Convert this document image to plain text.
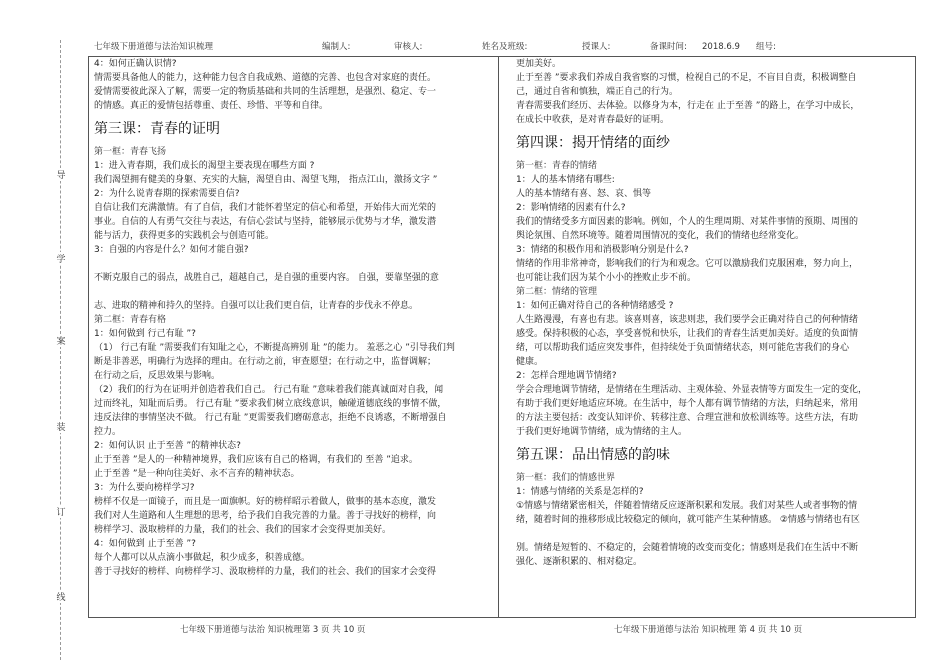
七年级下册道德与法治知识梳理	编制人:	审核人:	姓名及班级:	授课人:	备课时间: 2018.6.9 组号:
导
学
案
装
订
线
4：如何正确认识情?
情需要具备他人的能力，这种能力包含自我成熟、道德的完善、也包含对家庭的责任。
爱情需要彼此深入了解，需要一定的物质基础和共同的生活理想，是强烈、稳定、专一
的情感。真正的爱情包括尊重、责任、珍惜、平等和自律。
第三课：青春的证明
第一框：青春飞扬
1：进入青春期，我们成长的渴望主要表现在哪些方面 ?
我们渴望拥有健美的身躯、充实的大脑，渴望自由、渴望飞翔， 指点江山，激扬文字 ”
2：为什么说青春期的探索需要自信?
自信让我们充满激情。有了自信，我们才能怀着坚定的信心和希望，开始伟大而光荣的
事业。自信的人有勇气交往与表达，有信心尝试与坚持，能够展示优势与才华，激发潜
能与活力，获得更多的实践机会与创造可能。
3：自强的内容是什么？如何才能自强?
不断克服自己的弱点，战胜自己，超越自己，是自强的重要内容。 自强，要靠坚强的意
志、进取的精神和持久的坚持。自强可以让我们更自信，让青春的步伐永不停息。
第二框：青春有格
1：如何做到 行己有耻 ”?
（1） 行己有耻 ”需要我们有知耻之心，不断提高辨别 耻 ”的能力。 羞恶之心 ”引导我们判
断是非善恶，明确行为选择的理由。在行动之前，审查愿望；在行动之中，监督调解；
在行动之后，反思效果与影响。
（2）我们的行为在证明并创造着我们自己。 行己有耻 ”意味着我们能真诚面对自我，闻
过而终礼，知耻而后勇。 行己有耻 ”要求我们树立底线意识，触碰道德底线的事情不做，
违反法律的事情坚决不做。 行己有耻 ”更需要我们磨砺意志，拒绝不良诱惑，不断增强自
控力。
2：如何认识 止于至善 ”的精神状态?
止于至善 ”是人的一种精神境界，我们应该有自己的格调，有我们的 至善 ”追求。
止于至善 ”是一种向往美好、永不言弃的精神状态。
3：为什么要向榜样学习?
榜样不仅是一面镜子，而且是一面旗帜。好的榜样昭示着做人，做事的基本态度，激发
我们对人生道路和人生理想的思考，给予我们自我完善的力量。善于寻找好的榜样，向
榜样学习、汲取榜样的力量，我们的社会、我们的国家才会变得更加美好。
4：如何做到 止于至善 ”?
每个人都可以从点滴小事做起，积少成多，积善成德。
善于寻找好的榜样、向榜样学习、汲取榜样的力量，我们的社会、我们的国家才会变得
更加美好。
止于至善 ”要求我们养成自我省察的习惯，检视自己的不足，不盲目自责，积极调整自
己，通过自省和慎独，端正自己的行为。
青春需要我们经历、去体验。以修身为本，行走在 止于至善 ”的路上，在学习中成长，
在成长中收获，是对青春最好的证明。
第四课：揭开情绪的面纱
第一框：青春的情绪
1：人的基本情绪有哪些:
人的基本情绪有喜、怒、哀、惧等
2：影响情绪的因素有什么?
我们的情绪受多方面因素的影响。例如，个人的生理周期、对某件事情的预期、周围的
舆论氛围、自然环境等。随着周围情况的变化，我们的情绪也经常变化。
3：情绪的积极作用和消极影响分别是什么?
情绪的作用非常神奇，影响我们的行为和观念。它可以激励我们克服困难，努力向上，
也可能让我们因为某个小小的挫败止步不前。
第二框：情绪的管理
1：如何正确对待自己的各种情绪感受 ?
人生路漫漫，有喜也有悲。该喜则喜，该悲则悲，我们要学会正确对待自己的何种情绪
感受。保持积极的心态，享受喜悦和快乐，让我们的青春生活更加美好。适度的负面情
绪，可以帮助我们适应突发事件，但持续处于负面情绪状态，则可能危害我们的身心
健康。
2：怎样合理地调节情绪?
学会合理地调节情绪，是情绪在生理活动、主观体验、外显表情等方面发生一定的变化，
有助于我们更好地适应环境。在生活中，每个人都有调节情绪的方法，归纳起来，常用
的方法主要包括：改变认知评价、转移注意、合理宣泄和放松训练等。这些方法，有助
于我们更好地调节情绪，成为情绪的主人。
第五课：品出情感的韵味
第一框：我们的情感世界
1：情感与情绪的关系是怎样的?
①情感与情绪紧密相关，伴随着情绪反应逐渐积累和发展。我们对某些人或者事物的情
绪，随着时间的推移形成比较稳定的倾向，就可能产生某种情感。 ②情感与情绪也有区
别。情绪是短暂的、不稳定的，会随着情境的改变而变化；情感则是我们在生活中不断
强化、逐渐积累的、相对稳定。
七年级下册道德与法治 知识梳理第 3 页 共 10 页	七年级下册道德与法治 知识梳理 第 4 页 共 10 页
